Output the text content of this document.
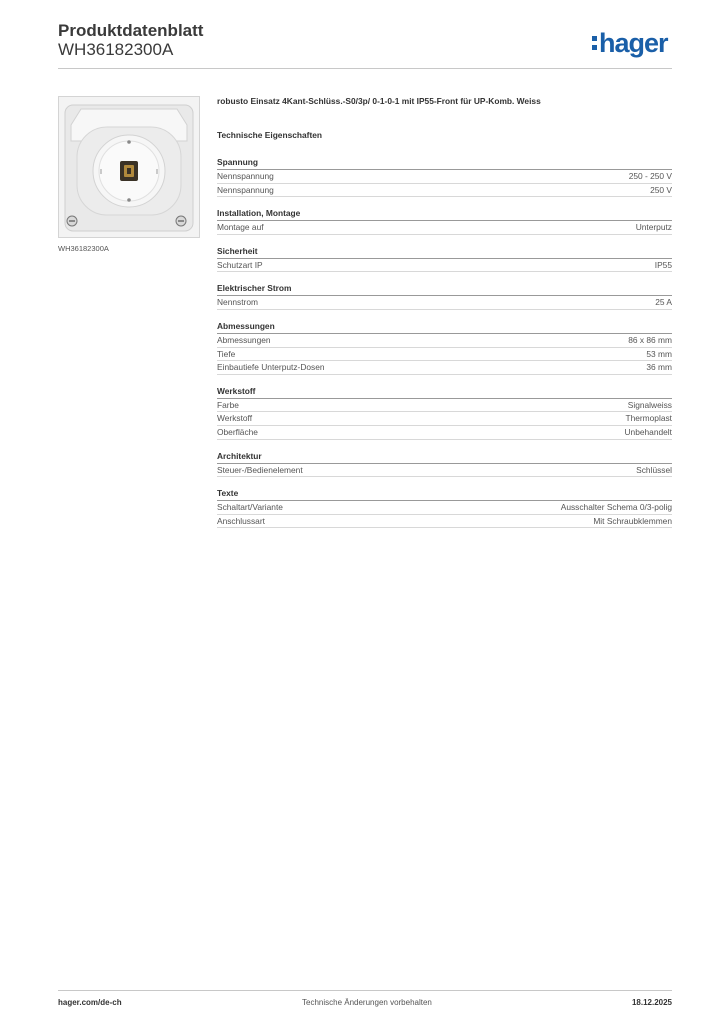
Produktdatenblatt
WH36182300A	hager
WH36182300A
robusto Einsatz 4Kant-Schlüss.-S0/3p/ 0-1-0-1 mit IP55-Front für UP-Komb. Weiss
Technische Eigenschaften
Spannung
Nennspannung	250 - 250 V
Nennspannung	250 V
Installation, Montage
Montage auf	Unterputz
Sicherheit
Schutzart IP	IP55
Elektrischer Strom
Nennstrom	25 A
Abmessungen
Abmessungen	86 x 86 mm
Tiefe	53 mm
Einbautiefe Unterputz-Dosen	36 mm
Werkstoff
Farbe	Signalweiss
Werkstoff	Thermoplast
Oberfläche	Unbehandelt
Architektur
Steuer-/Bedienelement	Schlüssel
Texte
Schaltart/Variante	Ausschalter Schema 0/3-polig
Anschlussart	Mit Schraubklemmen
hager.com/de-ch	Technische Änderungen vorbehalten	18.12.2025
